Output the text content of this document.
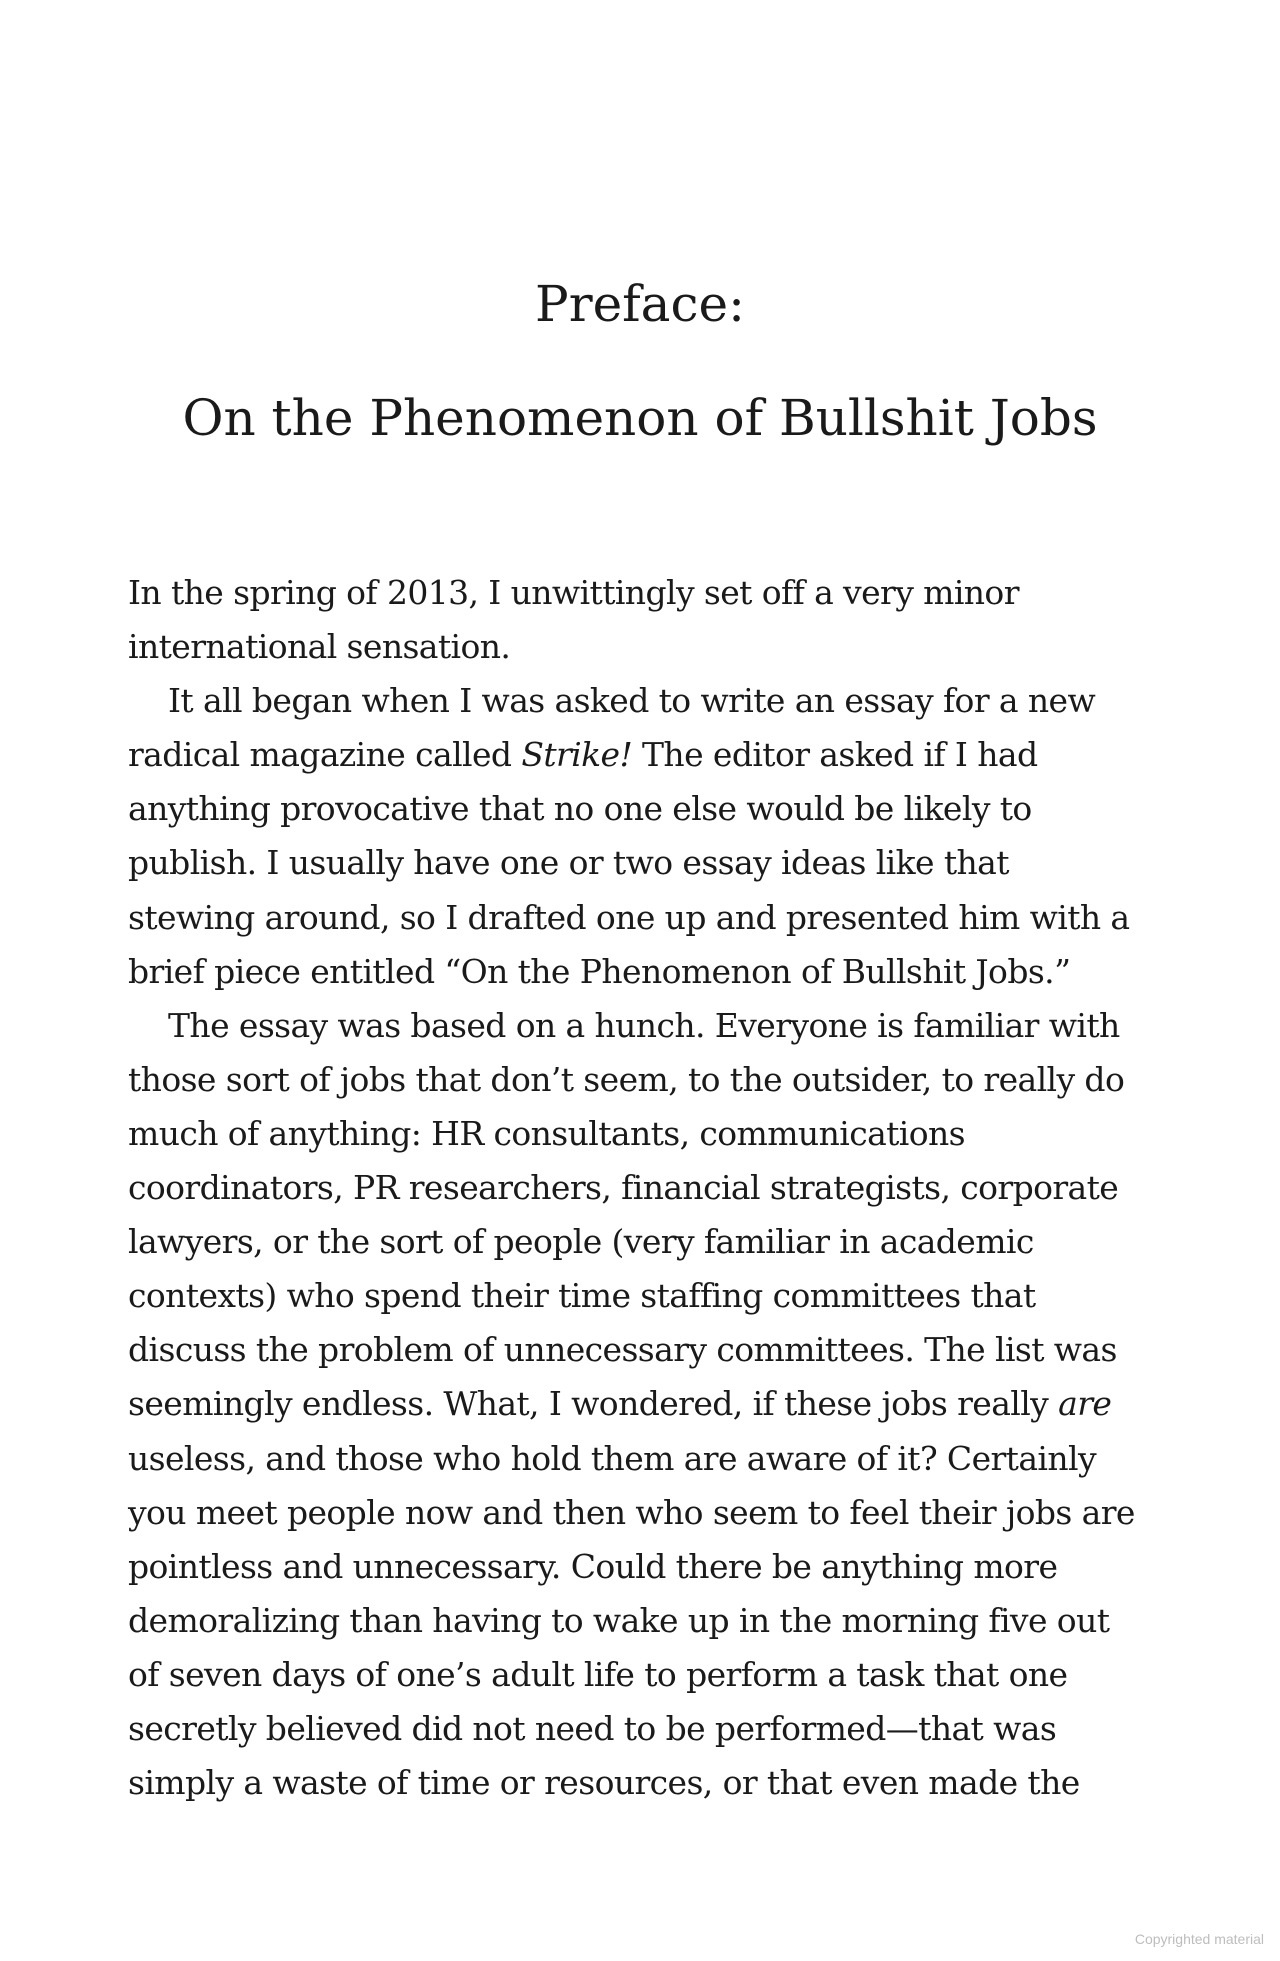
Preface:
On the Phenomenon of Bullshit Jobs
In the spring of 2013, I unwittingly set off a very minor
international sensation.
It all began when I was asked to write an essay for a new
radical magazine called Strike! The editor asked if I had
anything provocative that no one else would be likely to
publish. I usually have one or two essay ideas like that
stewing around, so I drafted one up and presented him with a
brief piece entitled “On the Phenomenon of Bullshit Jobs.”
The essay was based on a hunch. Everyone is familiar with
those sort of jobs that don’t seem, to the outsider, to really do
much of anything: HR consultants, communications
coordinators, PR researchers, financial strategists, corporate
lawyers, or the sort of people (very familiar in academic
contexts) who spend their time staffing committees that
discuss the problem of unnecessary committees. The list was
seemingly endless. What, I wondered, if these jobs really are
useless, and those who hold them are aware of it? Certainly
you meet people now and then who seem to feel their jobs are
pointless and unnecessary. Could there be anything more
demoralizing than having to wake up in the morning five out
of seven days of one’s adult life to perform a task that one
secretly believed did not need to be performed—that was
simply a waste of time or resources, or that even made the
Copyrighted material
